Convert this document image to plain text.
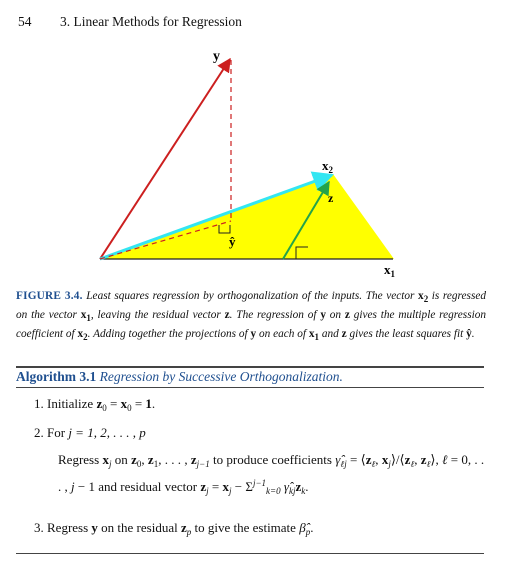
54 3. Linear Methods for Regression
y
$x_2$
z
ŷ
$x_1$
FIGURE 3.4. Least squares regression by orthogonalization of the inputs. The vector $x_2$ is regressed on the vector $x_1$, leaving the residual vector z. The regression of y on z gives the multiple regression coefficient of $x_2$. Adding together the projections of y on each of $x_1$ and z gives the least squares fit ŷ.
Algorithm 3.1 Regression by Successive Orthogonalization.
1. Initialize $z_0 = x_0 = 1$.
2. For j = 1, 2, . . . , p
Regress $x_j$ on $z_0$, $z_1$, . . . , $z_{j-1}$ to produce coefficients $\gammâ_{\ell j}$ = $⟨z_\ell$, $x_j⟩/⟨z_\ell$, $z_\ell⟩$, ℓ = 0, . . . , j − 1 and residual vector $z_j = x_j - \Sigma^{j-1}_{k=0}$ $\gammâ_{kj}z_k$.
3. Regress y on the residual $z_p$ to give the estimate $\betâ_p$.
